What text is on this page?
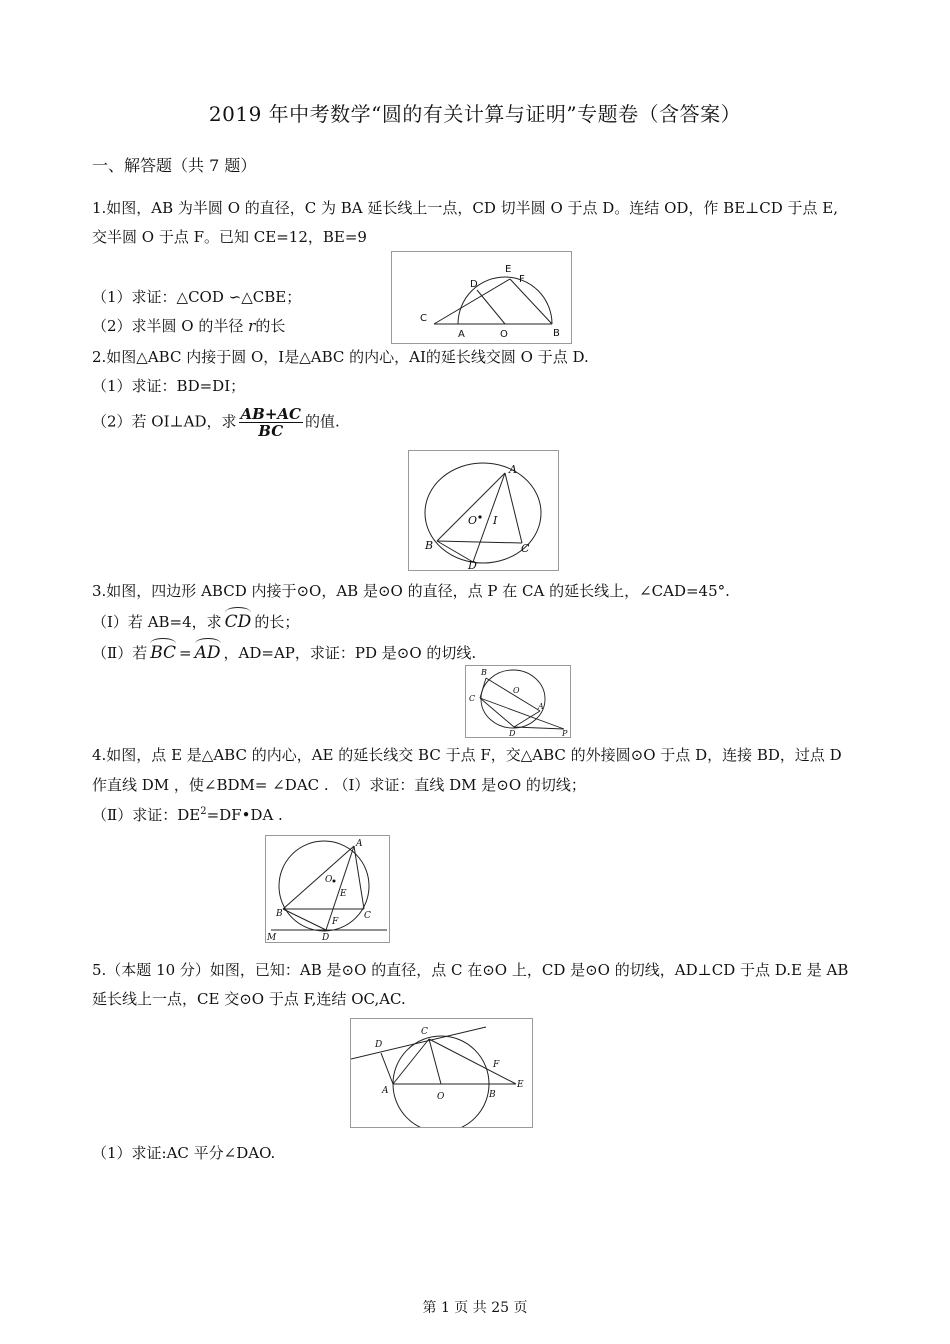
2019 年中考数学“圆的有关计算与证明”专题卷（含答案）
一、解答题（共 7 题）
1.如图，AB 为半圆 O 的直径，C 为 BA 延长线上一点，CD 切半圆 O 于点 D。连结 OD，作 BE⊥CD 于点 E,
交半圆 O 于点 F。已知 CE=12，BE=9
（1）求证：△COD ∽△CBE；
（2）求半圆 O 的半径 r的长	C
A	O	B
D
E
F
2.如图△ABC 内接于圆 O，I是△ABC 的内心，AI的延长线交圆 O 于点 D.
（1）求证：BD=DI；
（2）若 OI⊥AD，求 $\frac{AB+AC}{BC}$ 的值.
A
O I
B	C
D
3.如图，四边形 ABCD 内接于⊙O，AB 是⊙O 的直径，点 P 在 CA 的延长线上，∠CAD=45°.
（Ⅰ）若 AB=4，求 CD 的长；
（Ⅱ）若 BC = AD ，AD=AP，求证：PD 是⊙O 的切线.
B
O
C
A
D	P
4.如图，点 E 是△ABC 的内心，AE 的延长线交 BC 于点 F，交△ABC 的外接圆⊙O 于点 D，连接 BD，过点 D
作直线 DM ，使∠BDM= ∠DAC . （Ⅰ）求证：直线 DM 是⊙O 的切线；
（Ⅱ）求证：$DE^2=DF•DA$ .
A
O
E
B
F
C
M	D
5.（本题 10 分）如图，已知：AB 是⊙O 的直径，点 C 在⊙O 上，CD 是⊙O 的切线，AD⊥CD 于点 D.E 是 AB
延长线上一点，CE 交⊙O 于点 F,连结 OC,AC.
D
C
F
E
A
O	B
（1）求证:AC 平分∠DAO.
第 1 页 共 25 页
